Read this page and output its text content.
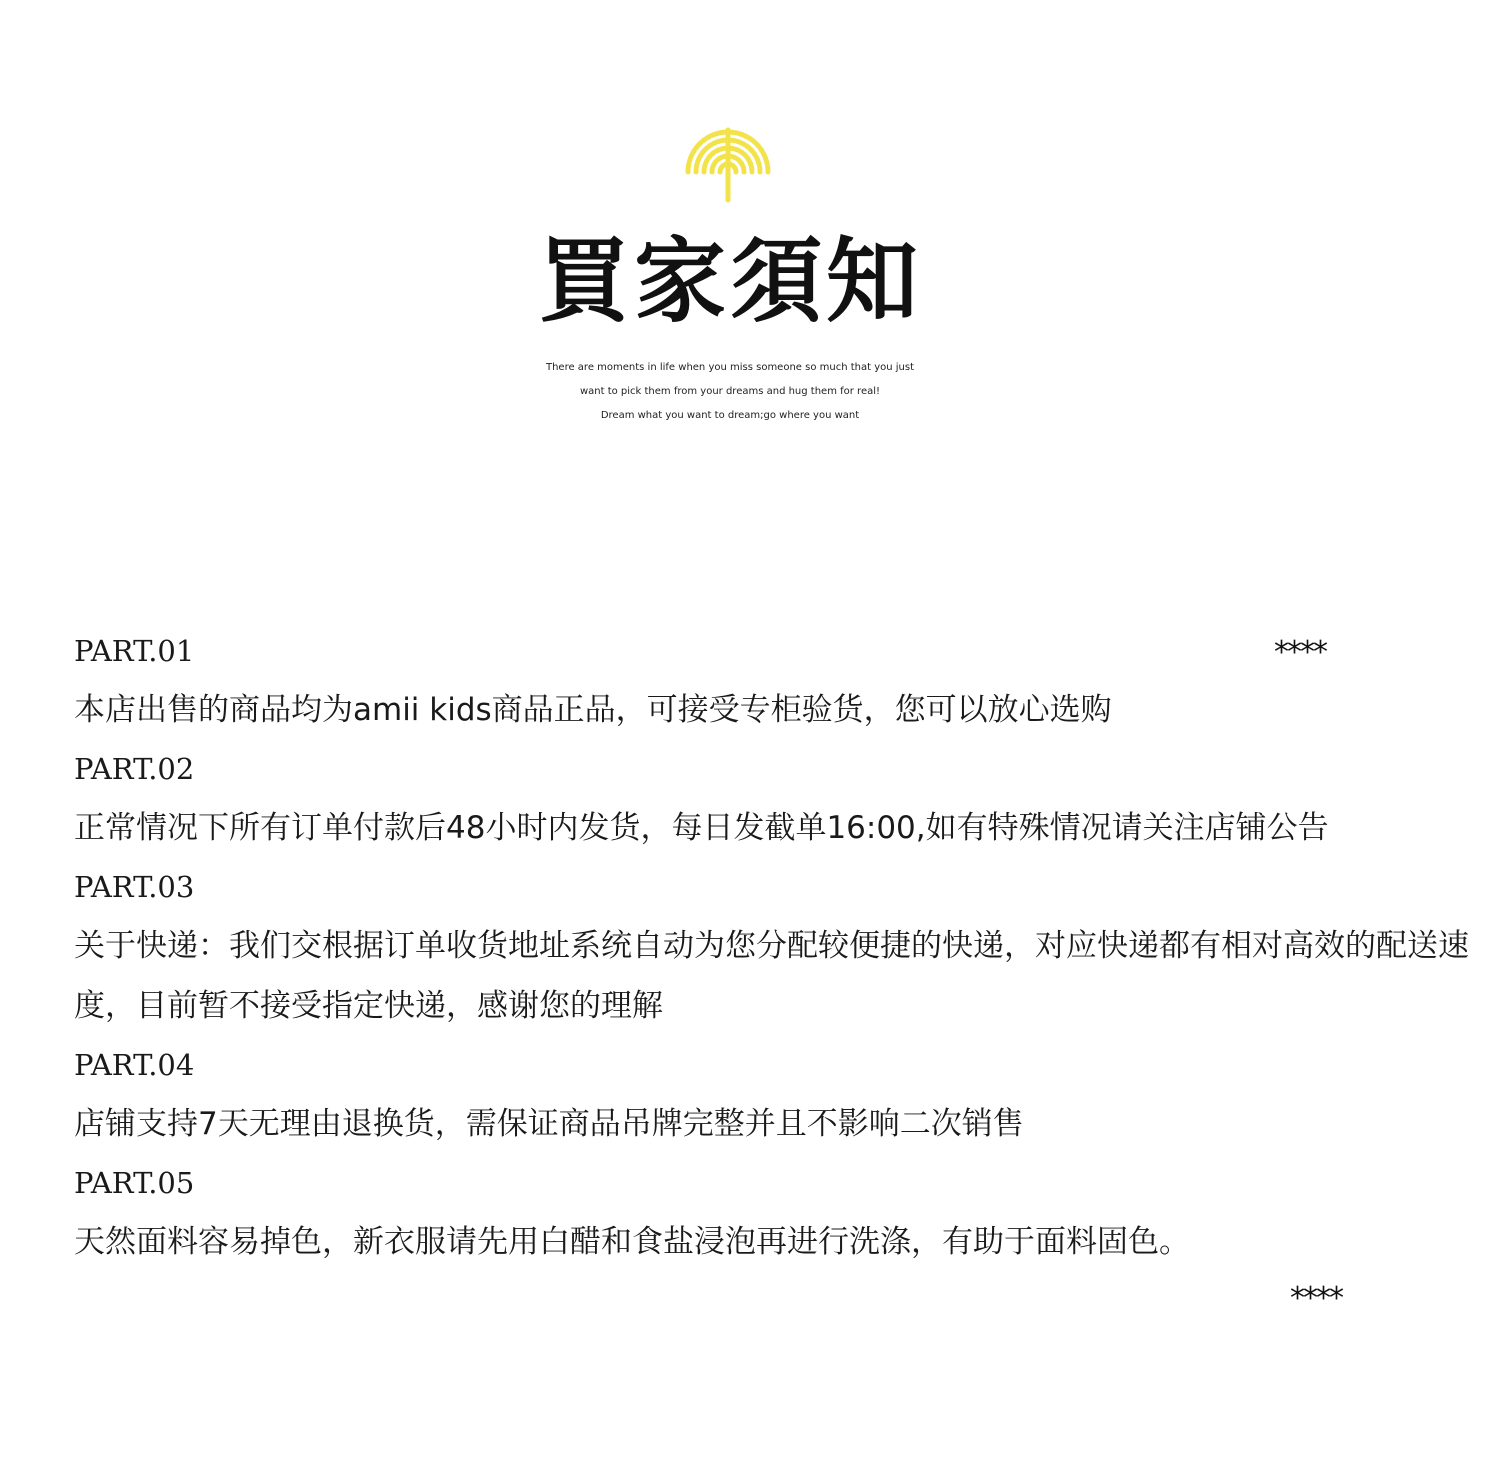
買家須知
There are moments in life when you miss someone so much that you just
want to pick them from your dreams and hug them for real!
Dream what you want to dream;go where you want
****
PART.01
本店出售的商品均为amii kids商品正品，可接受专柜验货，您可以放心选购
PART.02
正常情况下所有订单付款后48小时内发货，每日发截单16:00,如有特殊情况请关注店铺公告
PART.03
关于快递：我们交根据订单收货地址系统自动为您分配较便捷的快递，对应快递都有相对高效的配送速度，目前暂不接受指定快递，感谢您的理解
PART.04
店铺支持7天无理由退换货，需保证商品吊牌完整并且不影响二次销售
PART.05
天然面料容易掉色，新衣服请先用白醋和食盐浸泡再进行洗涤，有助于面料固色。
****
